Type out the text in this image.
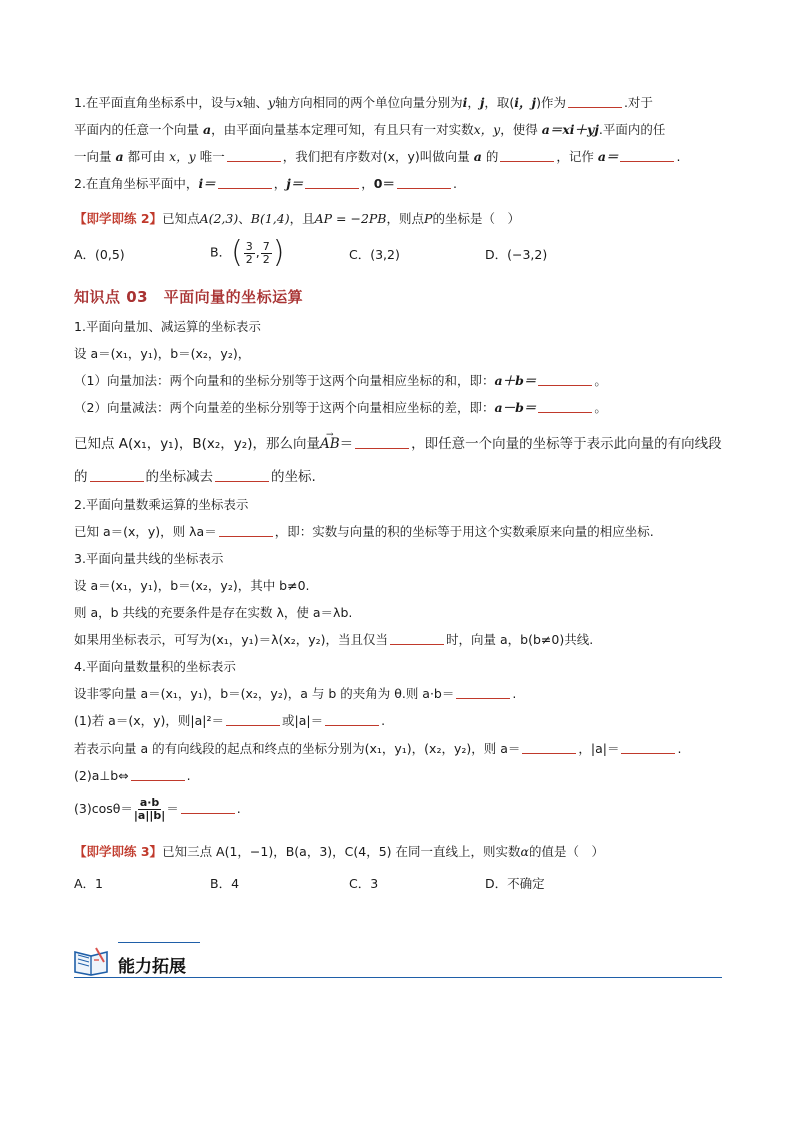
1.在平面直角坐标系中，设与x轴、y轴方向相同的两个单位向量分别为i，j，取(i，j)作为	.对于
平面内的任意一个向量 a，由平面向量基本定理可知，有且只有一对实数x，y，使得 a＝xi＋yj.平面内的任
一向量 a 都可由 x，y 唯一	，我们把有序数对(x，y)叫做向量 a 的	，记作 a＝	.
2.在直角坐标平面中，i＝	，j＝	，0＝	.
【即学即练 2】已知点A(2,3)、B(1,4)，且AP = −2PB，则点P的坐标是（　）
A．(0,5)	B．( $\frac{3}{2}$ , $\frac{7}{2}$ )	C．(3,2)	D．(−3,2)
知识点 03　平面向量的坐标运算
1.平面向量加、减运算的坐标表示
设 a＝(x₁，y₁)，b＝(x₂，y₂)，
（1）向量加法：两个向量和的坐标分别等于这两个向量相应坐标的和，即：a＋b＝	。
（2）向量减法：两个向量差的坐标分别等于这两个向量相应坐标的差，即：a－b＝	。
已知点 A(x₁，y₁)，B(x₂，y₂)，那么向量→ AB＝	，即任意一个向量的坐标等于表示此向量的有向线段
的	的坐标减去	的坐标.
2.平面向量数乘运算的坐标表示
已知 a＝(x，y)，则 λa＝	，即：实数与向量的积的坐标等于用这个实数乘原来向量的相应坐标.
3.平面向量共线的坐标表示
设 a＝(x₁，y₁)，b＝(x₂，y₂)，其中 b≠0.
则 a，b 共线的充要条件是存在实数 λ，使 a＝λb.
如果用坐标表示，可写为(x₁，y₁)＝λ(x₂，y₂)，当且仅当	时，向量 a，b(b≠0)共线.
4.平面向量数量积的坐标表示
设非零向量 a＝(x₁，y₁)，b＝(x₂，y₂)，a 与 b 的夹角为 θ.则 a·b＝	.
(1)若 a＝(x，y)，则|a|²＝	或|a|＝	.
若表示向量 a 的有向线段的起点和终点的坐标分别为(x₁，y₁)，(x₂，y₂)，则 a＝	，|a|＝	.
(2)a⊥b⇔	.
$(3)\cos\theta= \frac{a\cdot b}{|a||b|}$ ＝	.
【即学即练 3】已知三点 A(1，−1)，B(a，3)，C(4，5) 在同一直线上，则实数α的值是（　）
A．1	B．4	C．3	D．不确定
能力拓展
